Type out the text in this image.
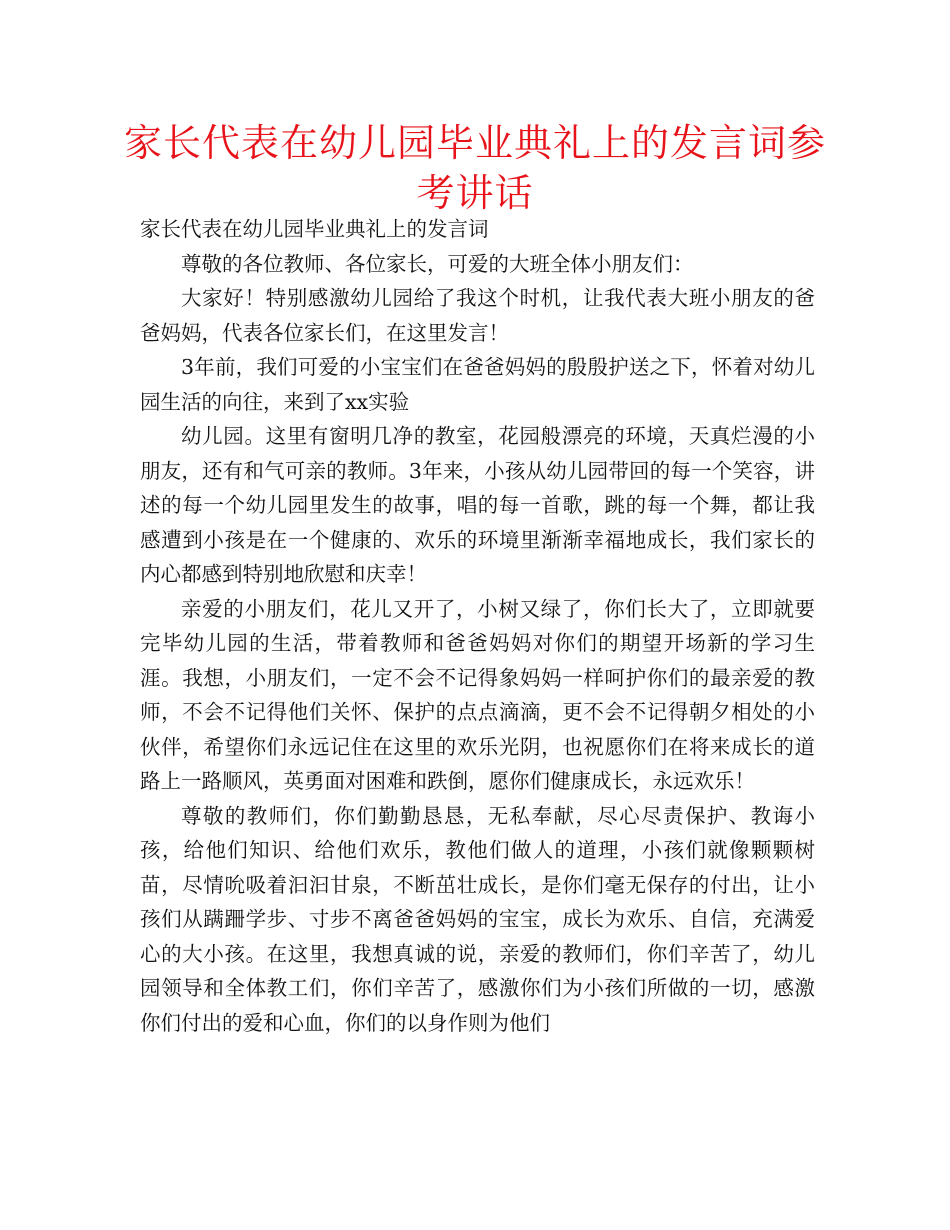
家长代表在幼儿园毕业典礼上的发言词参考讲话

家长代表在幼儿园毕业典礼上的发言词

尊敬的各位教师、各位家长，可爱的大班全体小朋友们：

大家好！特别感激幼儿园给了我这个时机，让我代表大班小朋友的爸爸妈妈，代表各位家长们，在这里发言！

3年前，我们可爱的小宝宝们在爸爸妈妈的殷殷护送之下，怀着对幼儿园生活的向往，来到了xx实验

幼儿园。这里有窗明几净的教室，花园般漂亮的环境，天真烂漫的小朋友，还有和气可亲的教师。3年来，小孩从幼儿园带回的每一个笑容，讲述的每一个幼儿园里发生的故事，唱的每一首歌，跳的每一个舞，都让我感遭到小孩是在一个健康的、欢乐的环境里渐渐幸福地成长，我们家长的内心都感到特别地欣慰和庆幸！

亲爱的小朋友们，花儿又开了，小树又绿了，你们长大了，立即就要完毕幼儿园的生活，带着教师和爸爸妈妈对你们的期望开场新的学习生涯。我想，小朋友们，一定不会不记得象妈妈一样呵护你们的最亲爱的教师，不会不记得他们关怀、保护的点点滴滴，更不会不记得朝夕相处的小伙伴，希望你们永远记住在这里的欢乐光阴，也祝愿你们在将来成长的道路上一路顺风，英勇面对困难和跌倒，愿你们健康成长，永远欢乐！

尊敬的教师们，你们勤勤恳恳，无私奉献，尽心尽责保护、教诲小孩，给他们知识、给他们欢乐，教他们做人的道理，小孩们就像颗颗树苗，尽情吮吸着汩汩甘泉，不断茁壮成长，是你们毫无保存的付出，让小孩们从蹒跚学步、寸步不离爸爸妈妈的宝宝，成长为欢乐、自信，充满爱心的大小孩。在这里，我想真诚的说，亲爱的教师们，你们辛苦了，幼儿园领导和全体教工们，你们辛苦了，感激你们为小孩们所做的一切，感激你们付出的爱和心血，你们的以身作则为他们
